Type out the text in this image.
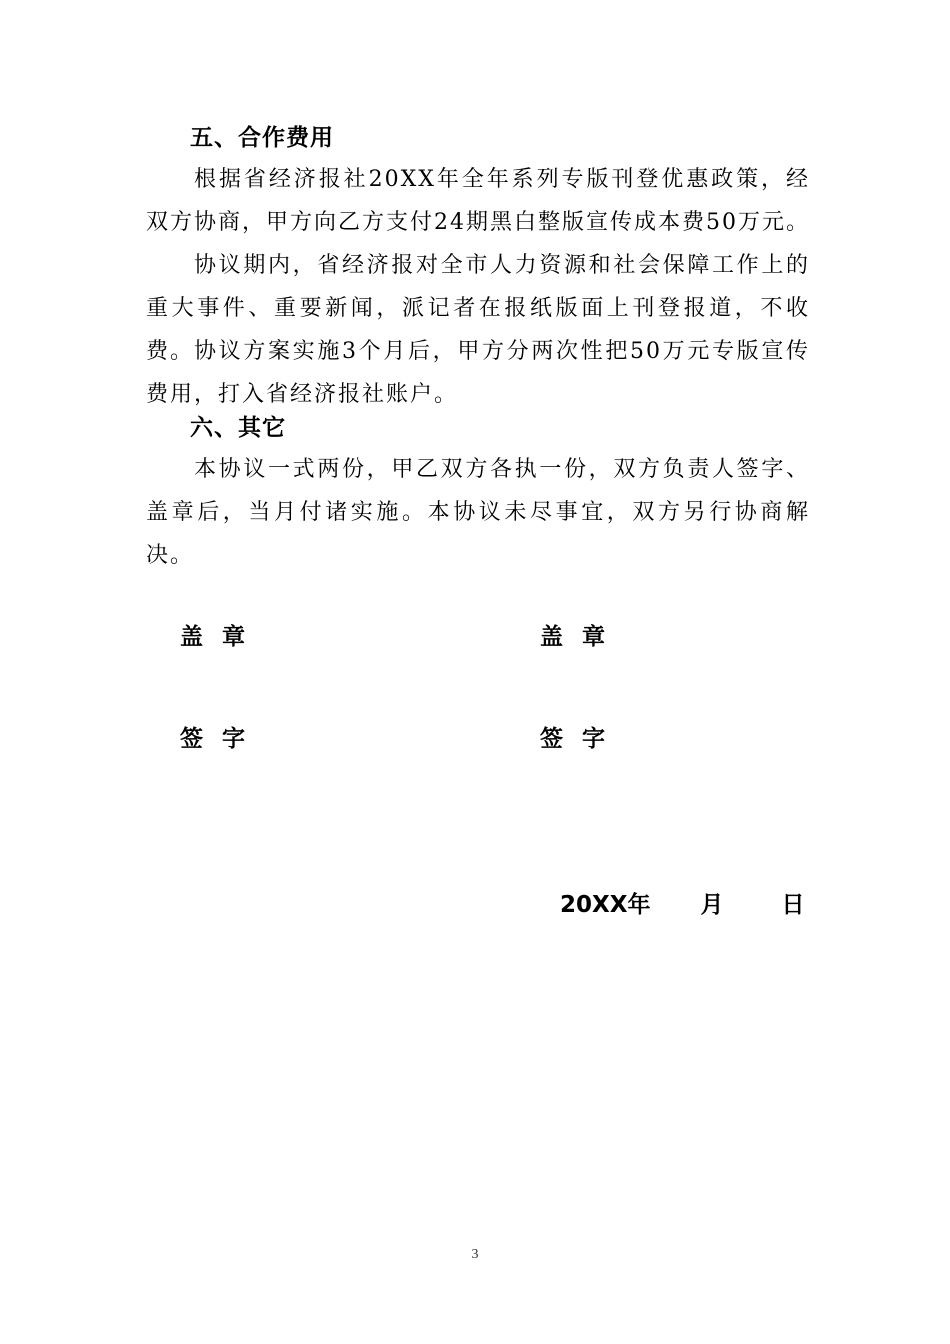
五、合作费用

根据省经济报社20XX年全年系列专版刊登优惠政策，经双方协商，甲方向乙方支付24期黑白整版宣传成本费50万元。

协议期内，省经济报对全市人力资源和社会保障工作上的重大事件、重要新闻，派记者在报纸版面上刊登报道，不收费。 协议方案实施3个月后，甲方分两次性把50万元专版宣传费用，打入省经济报社账户。

六、其它

本协议一式两份，甲乙双方各执一份，双方负责人签字、盖章后，当月付诸实施。本协议未尽事宜，双方另行协商解决。

盖  章	盖  章
签  字	签  字
20XX年 月	日
3
